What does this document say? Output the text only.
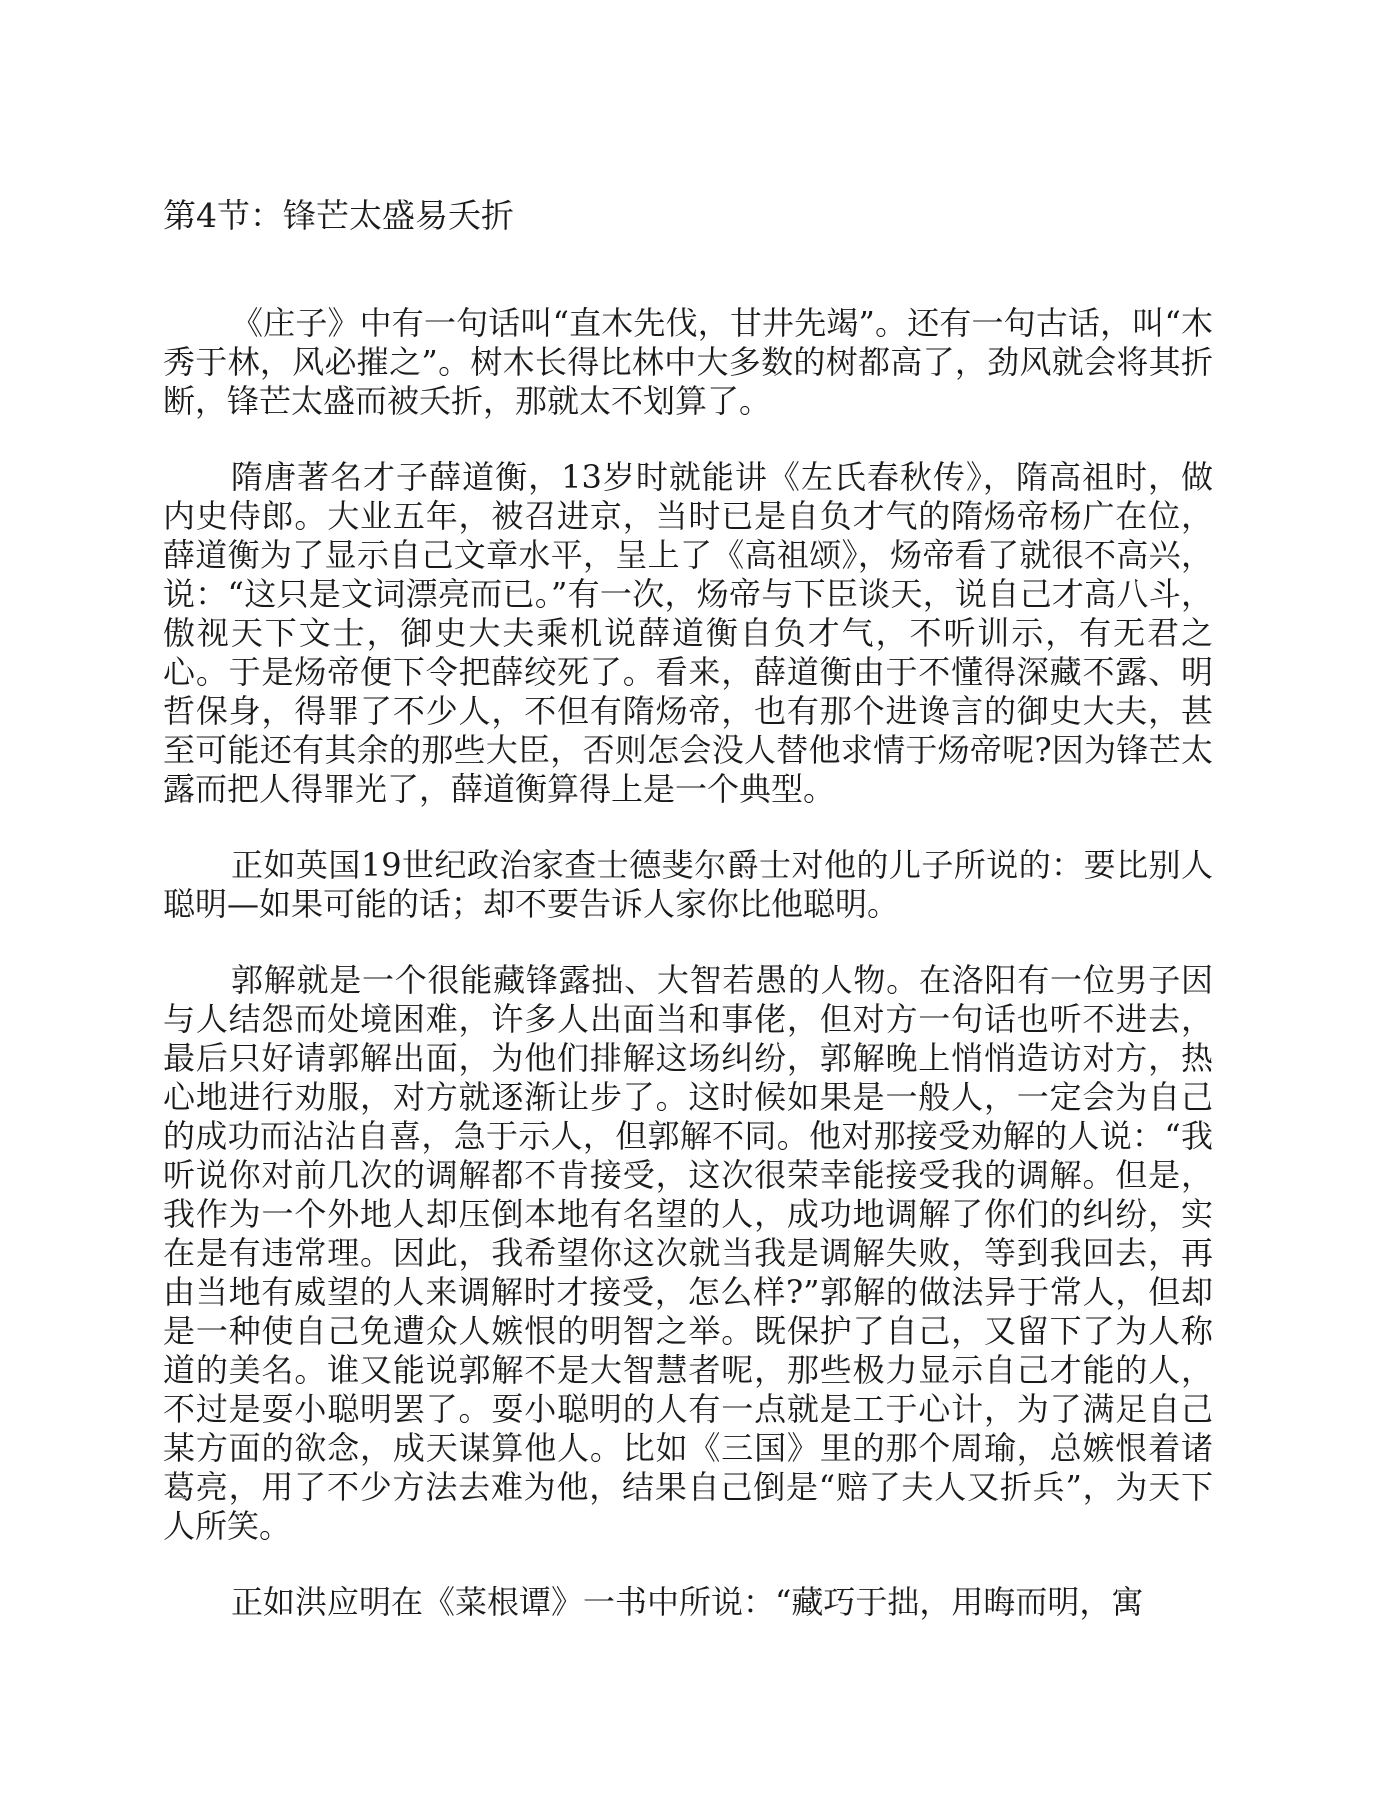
第4节：锋芒太盛易夭折

《庄子》中有一句话叫“直木先伐，甘井先竭”。还有一句古话，叫“木秀于林，风必摧之”。树木长得比林中大多数的树都高了，劲风就会将其折断，锋芒太盛而被夭折，那就太不划算了。

隋唐著名才子薛道衡，13岁时就能讲《左氏春秋传》，隋高祖时，做内史侍郎。大业五年，被召进京，当时已是自负才气的隋炀帝杨广在位，薛道衡为了显示自己文章水平，呈上了《高祖颂》，炀帝看了就很不高兴，说：“这只是文词漂亮而已。”有一次，炀帝与下臣谈天，说自己才高八斗，傲视天下文士，御史大夫乘机说薛道衡自负才气，不听训示，有无君之心。于是炀帝便下令把薛绞死了。看来，薛道衡由于不懂得深藏不露、明哲保身，得罪了不少人，不但有隋炀帝，也有那个进谗言的御史大夫，甚至可能还有其余的那些大臣，否则怎会没人替他求情于炀帝呢?因为锋芒太露而把人得罪光了，薛道衡算得上是一个典型。

正如英国19世纪政治家查士德斐尔爵士对他的儿子所说的：要比别人聪明—如果可能的话；却不要告诉人家你比他聪明。

郭解就是一个很能藏锋露拙、大智若愚的人物。在洛阳有一位男子因与人结怨而处境困难，许多人出面当和事佬，但对方一句话也听不进去，最后只好请郭解出面，为他们排解这场纠纷，郭解晚上悄悄造访对方，热心地进行劝服，对方就逐渐让步了。这时候如果是一般人，一定会为自己的成功而沾沾自喜，急于示人，但郭解不同。他对那接受劝解的人说：“我听说你对前几次的调解都不肯接受，这次很荣幸能接受我的调解。但是，我作为一个外地人却压倒本地有名望的人，成功地调解了你们的纠纷，实在是有违常理。因此，我希望你这次就当我是调解失败，等到我回去，再由当地有威望的人来调解时才接受，怎么样?”郭解的做法异于常人，但却是一种使自己免遭众人嫉恨的明智之举。既保护了自己，又留下了为人称道的美名。谁又能说郭解不是大智慧者呢，那些极力显示自己才能的人，不过是耍小聪明罢了。耍小聪明的人有一点就是工于心计，为了满足自己某方面的欲念，成天谋算他人。比如《三国》里的那个周瑜，总嫉恨着诸葛亮，用了不少方法去难为他，结果自己倒是“赔了夫人又折兵”，为天下人所笑。

正如洪应明在《菜根谭》一书中所说：“藏巧于拙，用晦而明，寓
